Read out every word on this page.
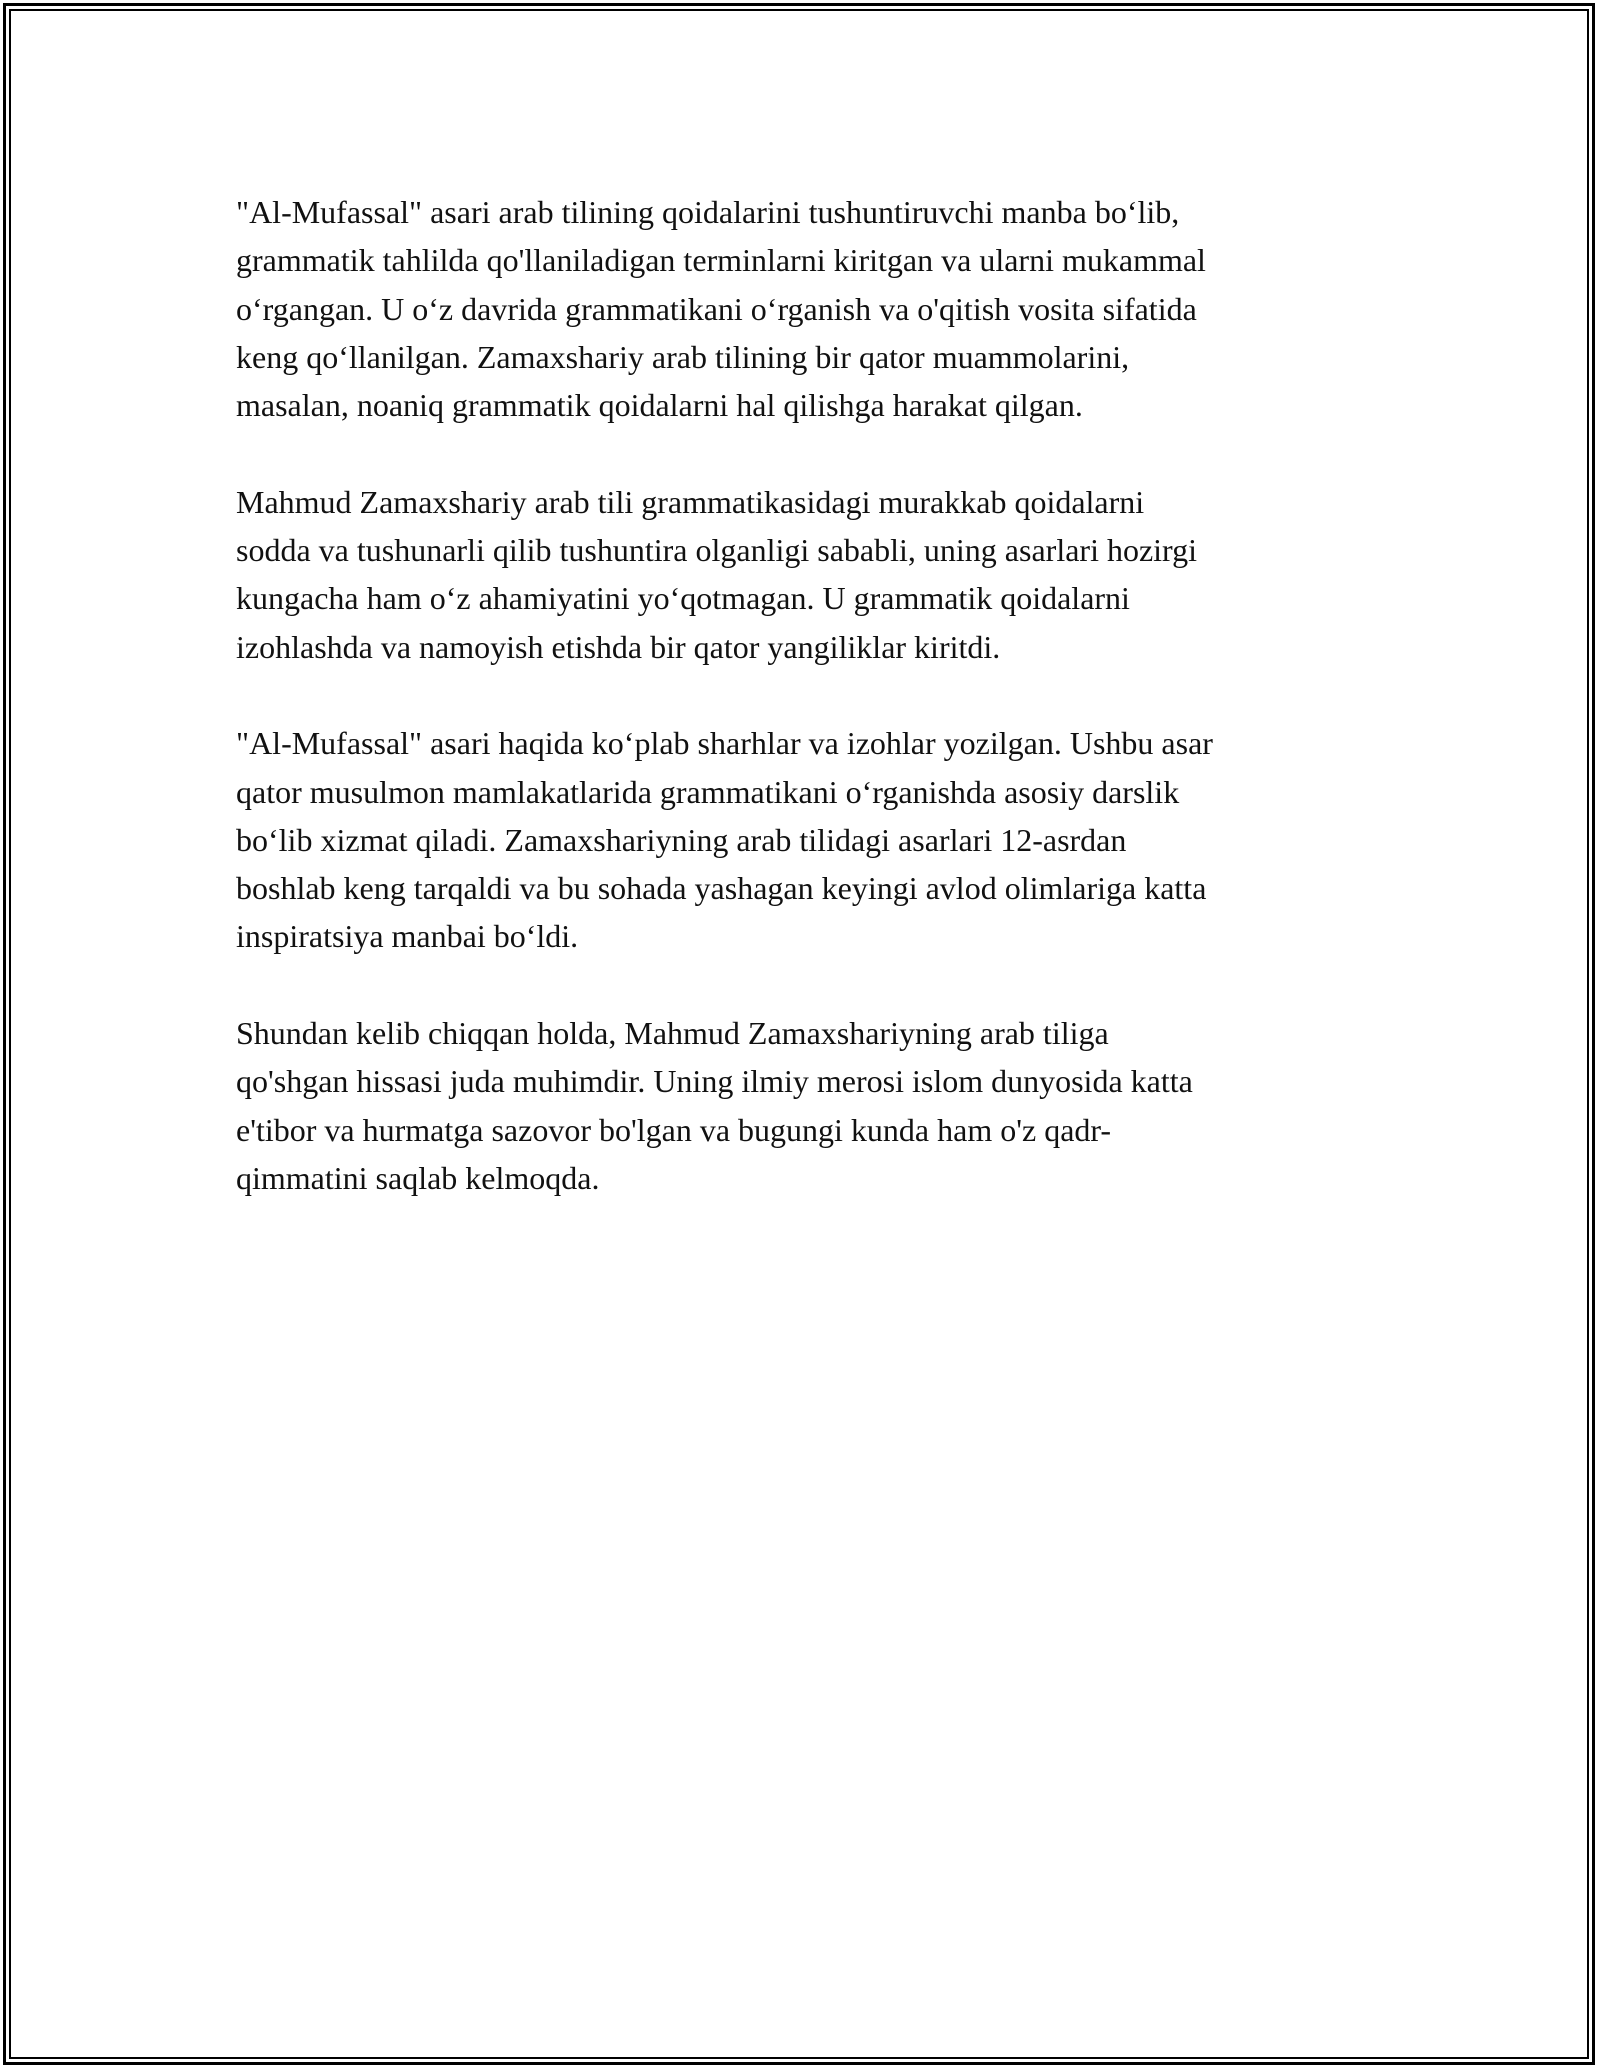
"Al-Mufassal" asari arab tilining qoidalarini tushuntiruvchi manba bo‘lib,
grammatik tahlilda qo'llaniladigan terminlarni kiritgan va ularni mukammal
o‘rgangan. U o‘z davrida grammatikani o‘rganish va o'qitish vosita sifatida
keng qo‘llanilgan. Zamaxshariy arab tilining bir qator muammolarini,
masalan, noaniq grammatik qoidalarni hal qilishga harakat qilgan.

Mahmud Zamaxshariy arab tili grammatikasidagi murakkab qoidalarni
sodda va tushunarli qilib tushuntira olganligi sababli, uning asarlari hozirgi
kungacha ham o‘z ahamiyatini yo‘qotmagan. U grammatik qoidalarni
izohlashda va namoyish etishda bir qator yangiliklar kiritdi.

"Al-Mufassal" asari haqida ko‘plab sharhlar va izohlar yozilgan. Ushbu asar
qator musulmon mamlakatlarida grammatikani o‘rganishda asosiy darslik
bo‘lib xizmat qiladi. Zamaxshariyning arab tilidagi asarlari 12-asrdan
boshlab keng tarqaldi va bu sohada yashagan keyingi avlod olimlariga katta
inspiratsiya manbai bo‘ldi.

Shundan kelib chiqqan holda, Mahmud Zamaxshariyning arab tiliga
qo'shgan hissasi juda muhimdir. Uning ilmiy merosi islom dunyosida katta
e'tibor va hurmatga sazovor bo'lgan va bugungi kunda ham o'z qadr-
qimmatini saqlab kelmoqda.
